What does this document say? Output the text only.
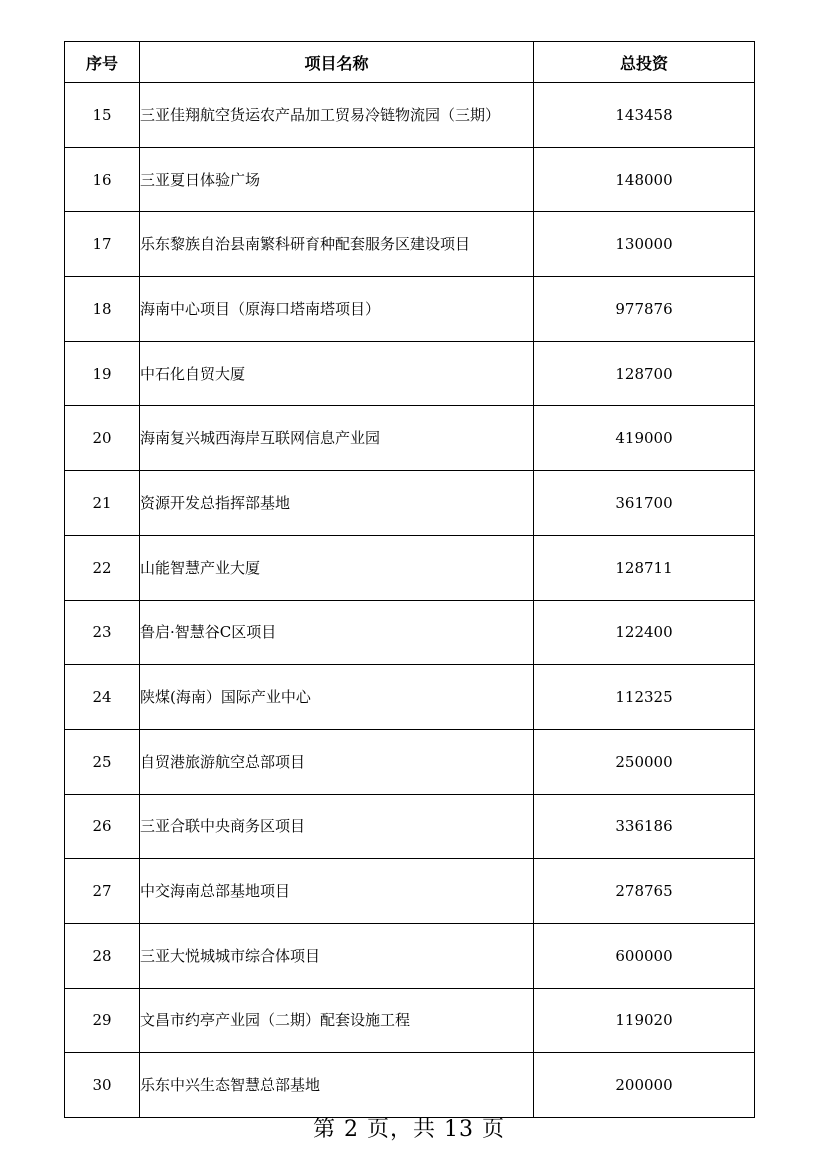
序号	项目名称	总投资
15	三亚佳翔航空货运农产品加工贸易冷链物流园（三期）	143458
16	三亚夏日体验广场	148000
17	乐东黎族自治县南繁科研育种配套服务区建设项目	130000
18	海南中心项目（原海口塔南塔项目）	977876
19	中石化自贸大厦	128700
20	海南复兴城西海岸互联网信息产业园	419000
21	资源开发总指挥部基地	361700
22	山能智慧产业大厦	128711
23	鲁启·智慧谷C区项目	122400
24	陕煤(海南）国际产业中心	112325
25	自贸港旅游航空总部项目	250000
26	三亚合联中央商务区项目	336186
27	中交海南总部基地项目	278765
28	三亚大悦城城市综合体项目	600000
29	文昌市约亭产业园（二期）配套设施工程	119020
30	乐东中兴生态智慧总部基地	200000
第 2 页，共 13 页
